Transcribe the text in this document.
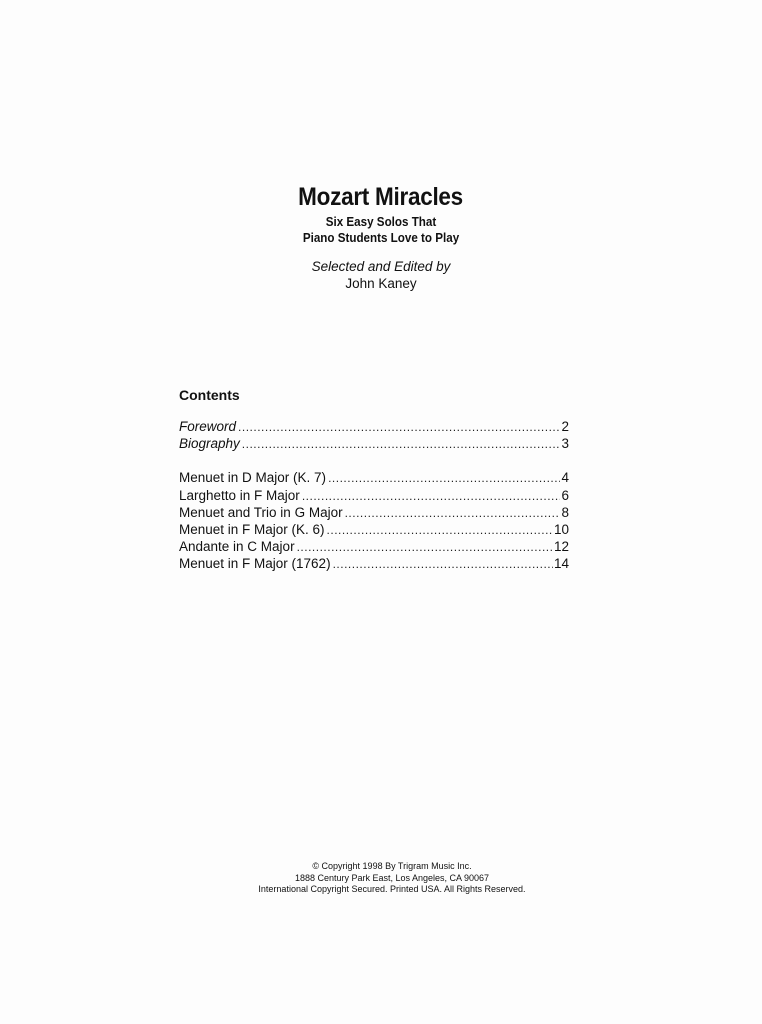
Mozart Miracles

Six Easy Solos That

Piano Students Love to Play

Selected and Edited by
John Kaney
Contents
Foreword .....	2
Biography .....	3
Menuet in D Major (K. 7) .....	4
Larghetto in F Major .....	6
Menuet and Trio in G Major .....	8
Menuet in F Major (K. 6) .....	10
Andante in C Major .....	12
Menuet in F Major (1762) .....	14
© Copyright 1998 By Trigram Music Inc.
1888 Century Park East, Los Angeles, CA 90067
International Copyright Secured. Printed USA. All Rights Reserved.
